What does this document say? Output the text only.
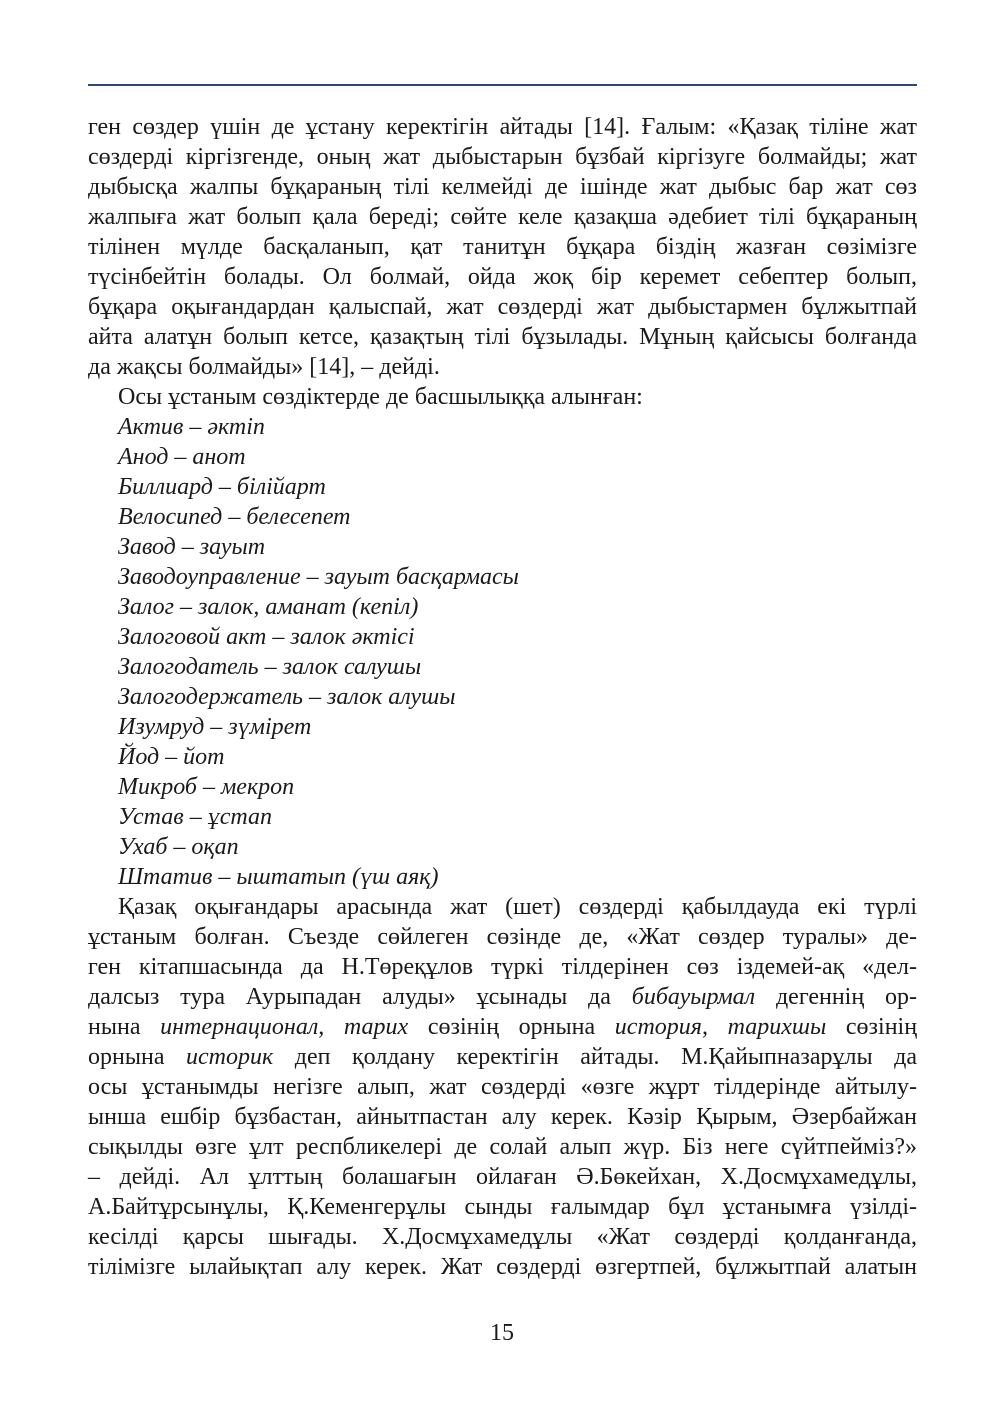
ген сөздер үшін де ұстану керектігін айтады [14]. Ғалым: «Қазақ тіліне жат

сөздерді кіргізгенде, оның жат дыбыстарын бұзбай кіргізуге болмайды; жат

дыбысқа жалпы бұқараның тілі келмейді де ішінде жат дыбыс бар жат сөз

жалпыға жат болып қала береді; сөйте келе қазақша әдебиет тілі бұқараның

тілінен мүлде басқаланып, қат танитұн бұқара біздің жазған сөзімізге

түсінбейтін болады. Ол болмай, ойда жоқ бір керемет себептер болып,

бұқара оқығандардан қалыспай, жат сөздерді жат дыбыстармен бұлжытпай

айта алатұн болып кетсе, қазақтың тілі бұзылады. Мұның қайсысы болғанда

да жақсы болмайды» [14], – дейді.

Осы ұстаным сөздіктерде де басшылыққа алынған:

Актив – әктіп

Анод – анот

Биллиард – білійарт

Велосипед – белесепет

Завод – зауыт

Заводоуправление – зауыт басқармасы

Залог – залок, аманат (кепіл)

Залоговой акт – залок әктісі

Залогодатель – залок салушы

Залогодержатель – залок алушы

Изумруд – зүмірет

Йод – йот

Микроб – мекроп

Устав – ұстап

Ухаб – оқап

Штатив – ыштатып (үш аяқ)

Қазақ оқығандары арасында жат (шет) сөздерді қабылдауда екі түрлі

ұстаным болған. Съезде сөйлеген сөзінде де, «Жат сөздер туралы» де-

ген кітапшасында да Н.Төреқұлов түркі тілдерінен сөз іздемей-ақ «дел-

далсыз тура Аурыпадан алуды» ұсынады да бибауырмал дегеннің ор-

нына интернационал, тарих сөзінің орнына история, тарихшы сөзінің

орнына историк деп қолдану керектігін айтады. М.Қайыпназарұлы да

осы ұстанымды негізге алып, жат сөздерді «өзге жұрт тілдерінде айтылу-

ынша ешбір бұзбастан, айнытпастан алу керек. Кәзір Қырым, Әзербайжан

сықылды өзге ұлт респбликелері де солай алып жүр. Біз неге сүйтпейміз?»

– дейді. Ал ұлттың болашағын ойлаған Ә.Бөкейхан, Х.Досмұхамедұлы,

А.Байтұрсынұлы, Қ.Кеменгерұлы сынды ғалымдар бұл ұстанымға үзілді-

кесілді қарсы шығады. Х.Досмұхамедұлы «Жат сөздерді қолданғанда,

тілімізге ылайықтап алу керек. Жат сөздерді өзгертпей, бұлжытпай алатын

15
